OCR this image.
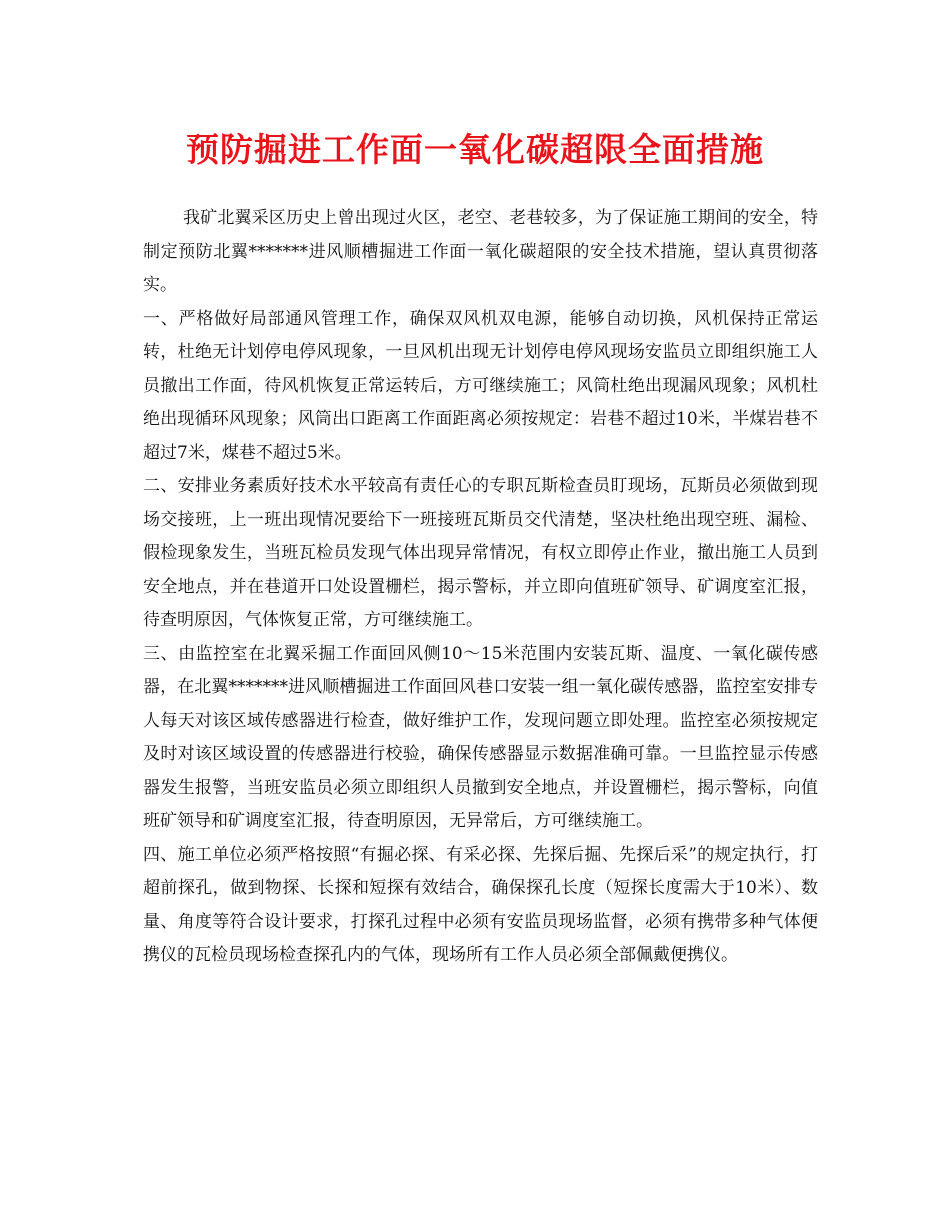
预防掘进工作面一氧化碳超限全面措施

我矿北翼采区历史上曾出现过火区，老空、老巷较多，为了保证施工期间的安全，特制定预防北翼*******进风顺槽掘进工作面一氧化碳超限的安全技术措施，望认真贯彻落实。

一、严格做好局部通风管理工作，确保双风机双电源，能够自动切换，风机保持正常运转，杜绝无计划停电停风现象，一旦风机出现无计划停电停风现场安监员立即组织施工人员撤出工作面，待风机恢复正常运转后，方可继续施工；风筒杜绝出现漏风现象；风机杜绝出现循环风现象；风筒出口距离工作面距离必须按规定：岩巷不超过10米，半煤岩巷不超过7米，煤巷不超过5米。

二、安排业务素质好技术水平较高有责任心的专职瓦斯检查员盯现场，瓦斯员必须做到现场交接班，上一班出现情况要给下一班接班瓦斯员交代清楚，坚决杜绝出现空班、漏检、假检现象发生，当班瓦检员发现气体出现异常情况，有权立即停止作业，撤出施工人员到安全地点，并在巷道开口处设置栅栏，揭示警标，并立即向值班矿领导、矿调度室汇报，待查明原因，气体恢复正常，方可继续施工。

三、由监控室在北翼采掘工作面回风侧10～15米范围内安装瓦斯、温度、一氧化碳传感器，在北翼*******进风顺槽掘进工作面回风巷口安装一组一氧化碳传感器，监控室安排专人每天对该区域传感器进行检查，做好维护工作，发现问题立即处理。监控室必须按规定及时对该区域设置的传感器进行校验，确保传感器显示数据准确可靠。一旦监控显示传感器发生报警，当班安监员必须立即组织人员撤到安全地点，并设置栅栏，揭示警标，向值班矿领导和矿调度室汇报，待查明原因，无异常后，方可继续施工。

四、施工单位必须严格按照“有掘必探、有采必探、先探后掘、先探后采”的规定执行，打超前探孔，做到物探、长探和短探有效结合，确保探孔长度（短探长度需大于10米）、数量、角度等符合设计要求，打探孔过程中必须有安监员现场监督，必须有携带多种气体便携仪的瓦检员现场检查探孔内的气体，现场所有工作人员必须全部佩戴便携仪。
